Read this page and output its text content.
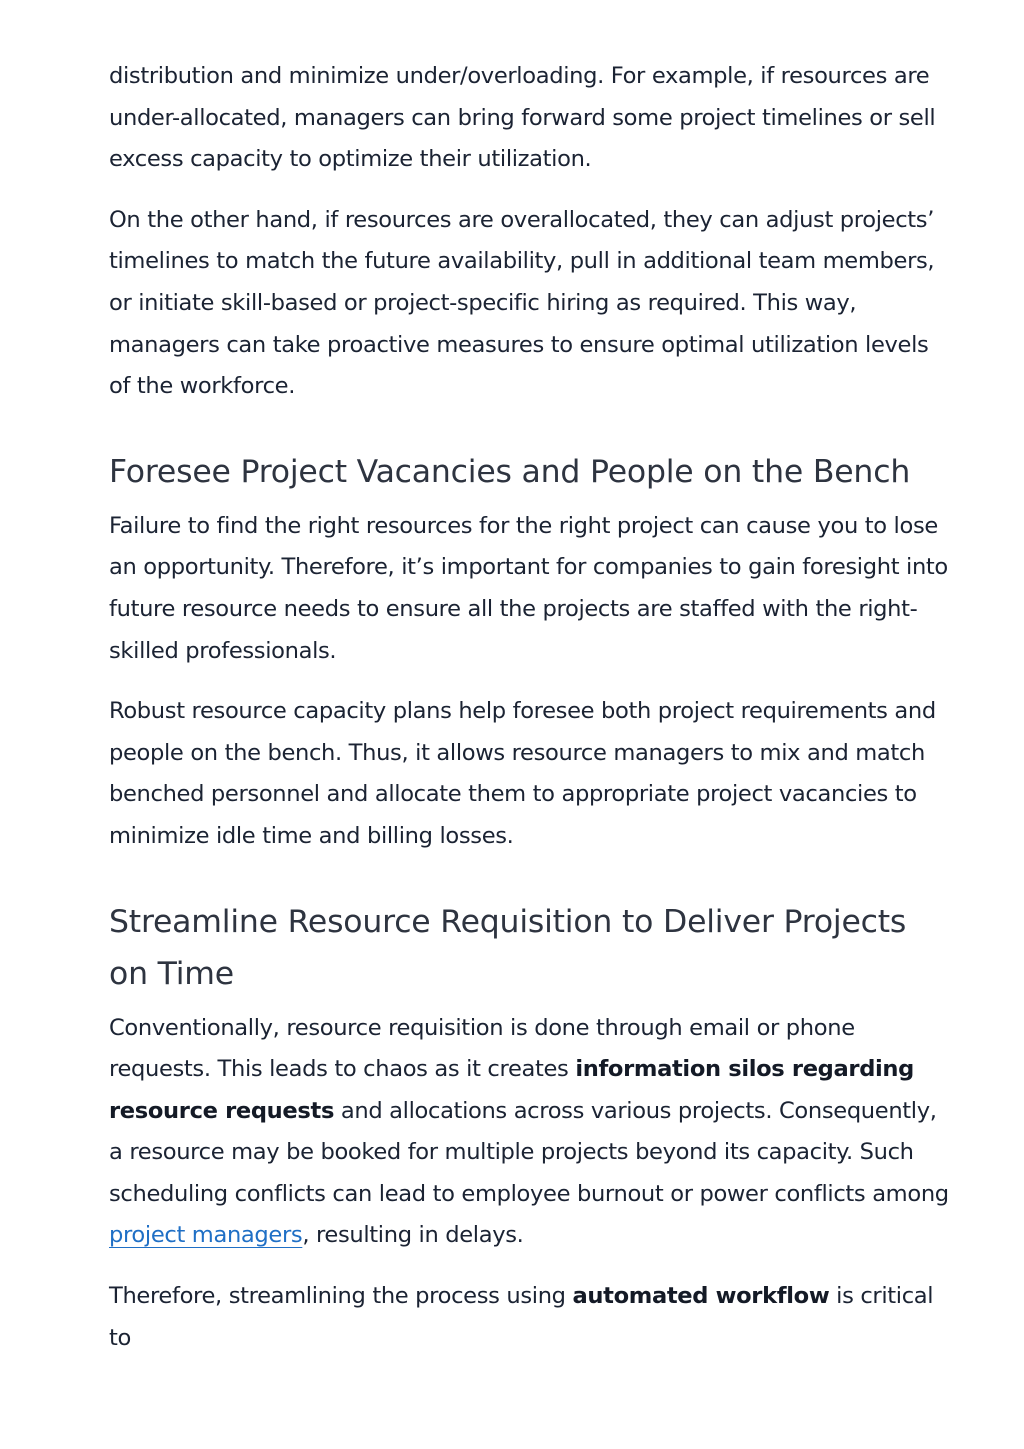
distribution and minimize under/overloading. For example, if resources are under-allocated, managers can bring forward some project timelines or sell excess capacity to optimize their utilization.

On the other hand, if resources are overallocated, they can adjust projects’ timelines to match the future availability, pull in additional team members, or initiate skill-based or project-specific hiring as required. This way, managers can take proactive measures to ensure optimal utilization levels of the workforce.

Foresee Project Vacancies and People on the Bench

Failure to find the right resources for the right project can cause you to lose an opportunity. Therefore, it’s important for companies to gain foresight into future resource needs to ensure all the projects are staffed with the right-skilled professionals.

Robust resource capacity plans help foresee both project requirements and people on the bench. Thus, it allows resource managers to mix and match benched personnel and allocate them to appropriate project vacancies to minimize idle time and billing losses.

Streamline Resource Requisition to Deliver Projects on Time

Conventionally, resource requisition is done through email or phone requests. This leads to chaos as it creates information silos regarding resource requests and allocations across various projects. Consequently, a resource may be booked for multiple projects beyond its capacity. Such scheduling conflicts can lead to employee burnout or power conflicts among project managers, resulting in delays.

Therefore, streamlining the process using automated workflow is critical to
